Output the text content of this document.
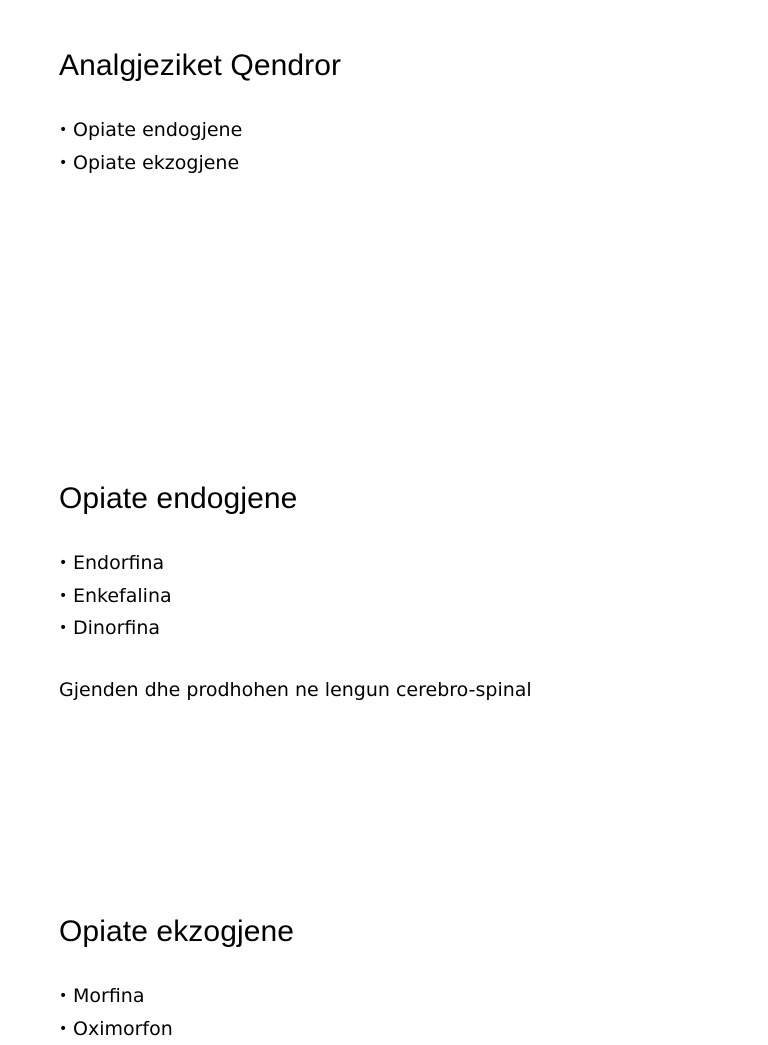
Analgjeziket Qendror
• Opiate endogjene
• Opiate ekzogjene
Opiate endogjene
• Endorfina
• Enkefalina
• Dinorfina

Gjenden dhe prodhohen ne lengun cerebro-spinal

Opiate ekzogjene
• Morfina
• Oximorfon
